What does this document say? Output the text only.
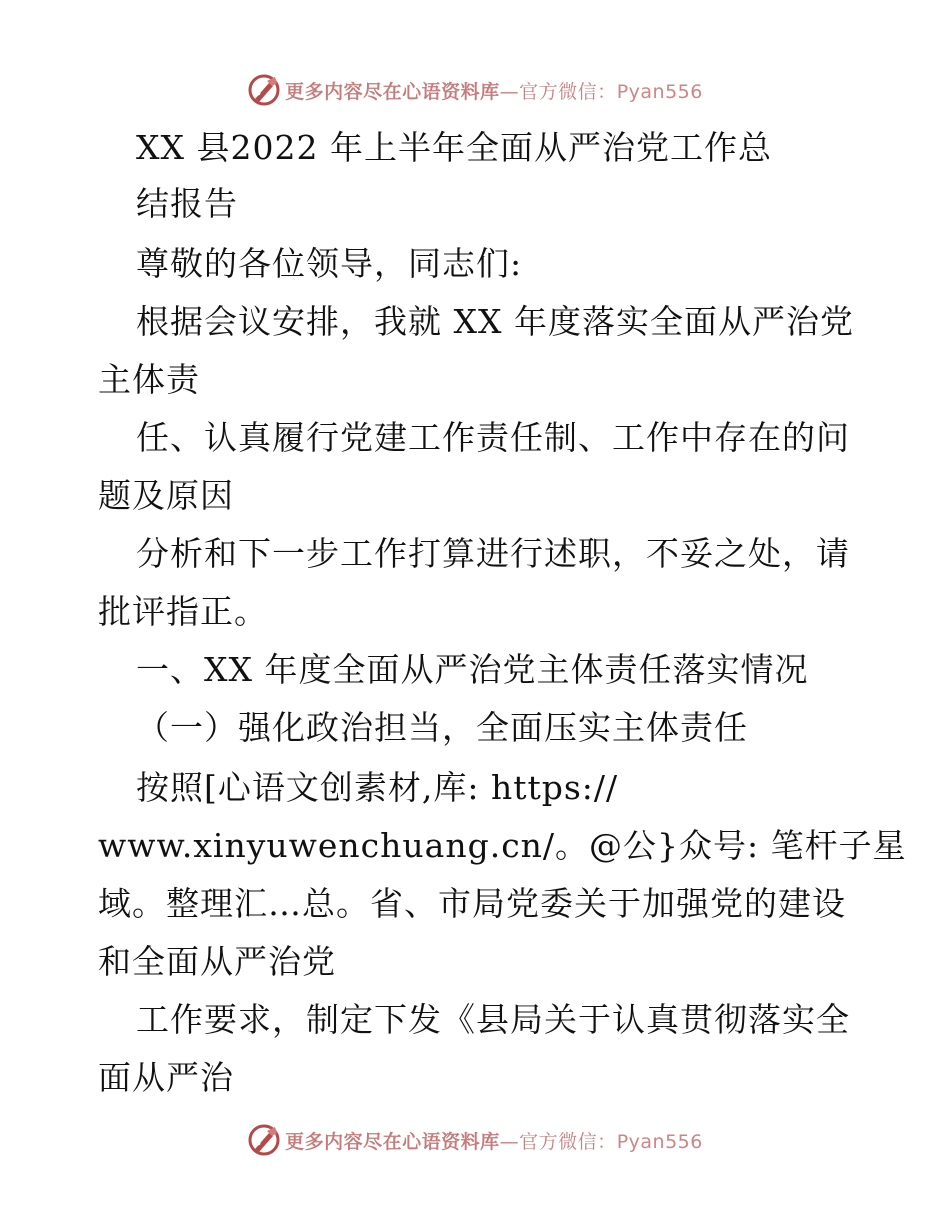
更多内容尽在心语资料库—官方微信：Pyan556
XX 县2022 年上半年全面从严治党工作总
结报告
尊敬的各位领导，同志们:
根据会议安排，我就 XX 年度落实全面从严治党
主体责
任、认真履行党建工作责任制、工作中存在的问
题及原因
分析和下一步工作打算进行述职，不妥之处，请
批评指正。
一、XX 年度全面从严治党主体责任落实情况
（一）强化政治担当，全面压实主体责任
按照[心语文创素材,库: https://
www.xinyuwenchuang.cn/。@公}众号: 笔杆子星
域。整理汇…总。省、市局党委关于加强党的建设
和全面从严治党
工作要求，制定下发《县局关于认真贯彻落实全
面从严治
更多内容尽在心语资料库—官方微信：Pyan556
